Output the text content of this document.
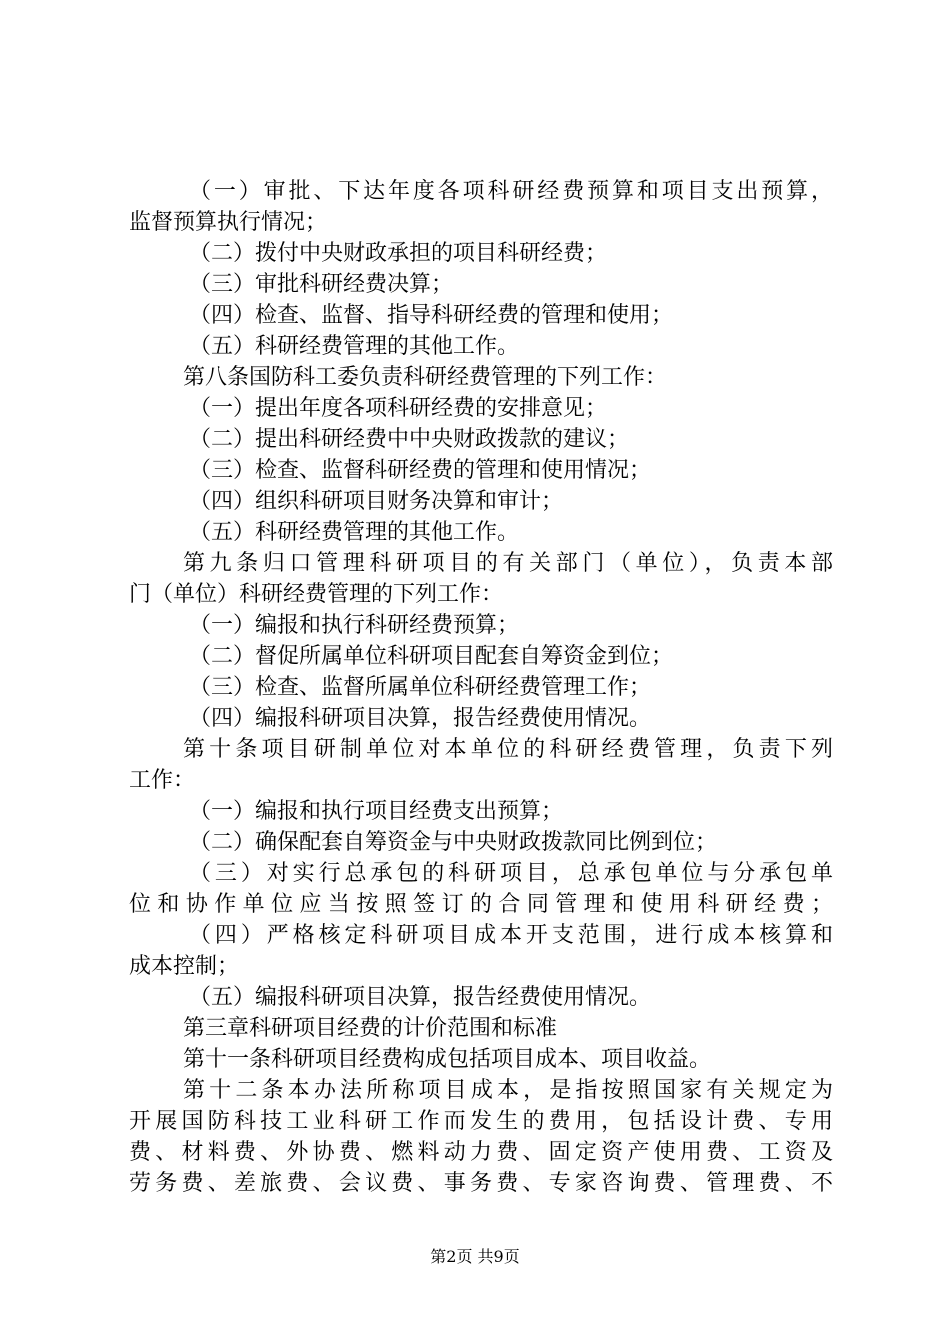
（一）审批、下达年度各项科研经费预算和项目支出预算，
监督预算执行情况；
（二）拨付中央财政承担的项目科研经费；
（三）审批科研经费决算；
（四）检查、监督、指导科研经费的管理和使用；
（五）科研经费管理的其他工作。
第八条国防科工委负责科研经费管理的下列工作：
（一）提出年度各项科研经费的安排意见；
（二）提出科研经费中中央财政拨款的建议；
（三）检查、监督科研经费的管理和使用情况；
（四）组织科研项目财务决算和审计；
（五）科研经费管理的其他工作。
第九条归口管理科研项目的有关部门（单位），负责本部
门（单位）科研经费管理的下列工作：
（一）编报和执行科研经费预算；
（二）督促所属单位科研项目配套自筹资金到位；
（三）检查、监督所属单位科研经费管理工作；
（四）编报科研项目决算，报告经费使用情况。
第十条项目研制单位对本单位的科研经费管理，负责下列
工作：
（一）编报和执行项目经费支出预算；
（二）确保配套自筹资金与中央财政拨款同比例到位；
（三）对实行总承包的科研项目，总承包单位与分承包单
位和协作单位应当按照签订的合同管理和使用科研经费；
（四）严格核定科研项目成本开支范围，进行成本核算和
成本控制；
（五）编报科研项目决算，报告经费使用情况。
第三章科研项目经费的计价范围和标准
第十一条科研项目经费构成包括项目成本、项目收益。
第十二条本办法所称项目成本，是指按照国家有关规定为
开展国防科技工业科研工作而发生的费用，包括设计费、专用
费、材料费、外协费、燃料动力费、固定资产使用费、工资及
劳务费、差旅费、会议费、事务费、专家咨询费、管理费、不
第2页 共9页
